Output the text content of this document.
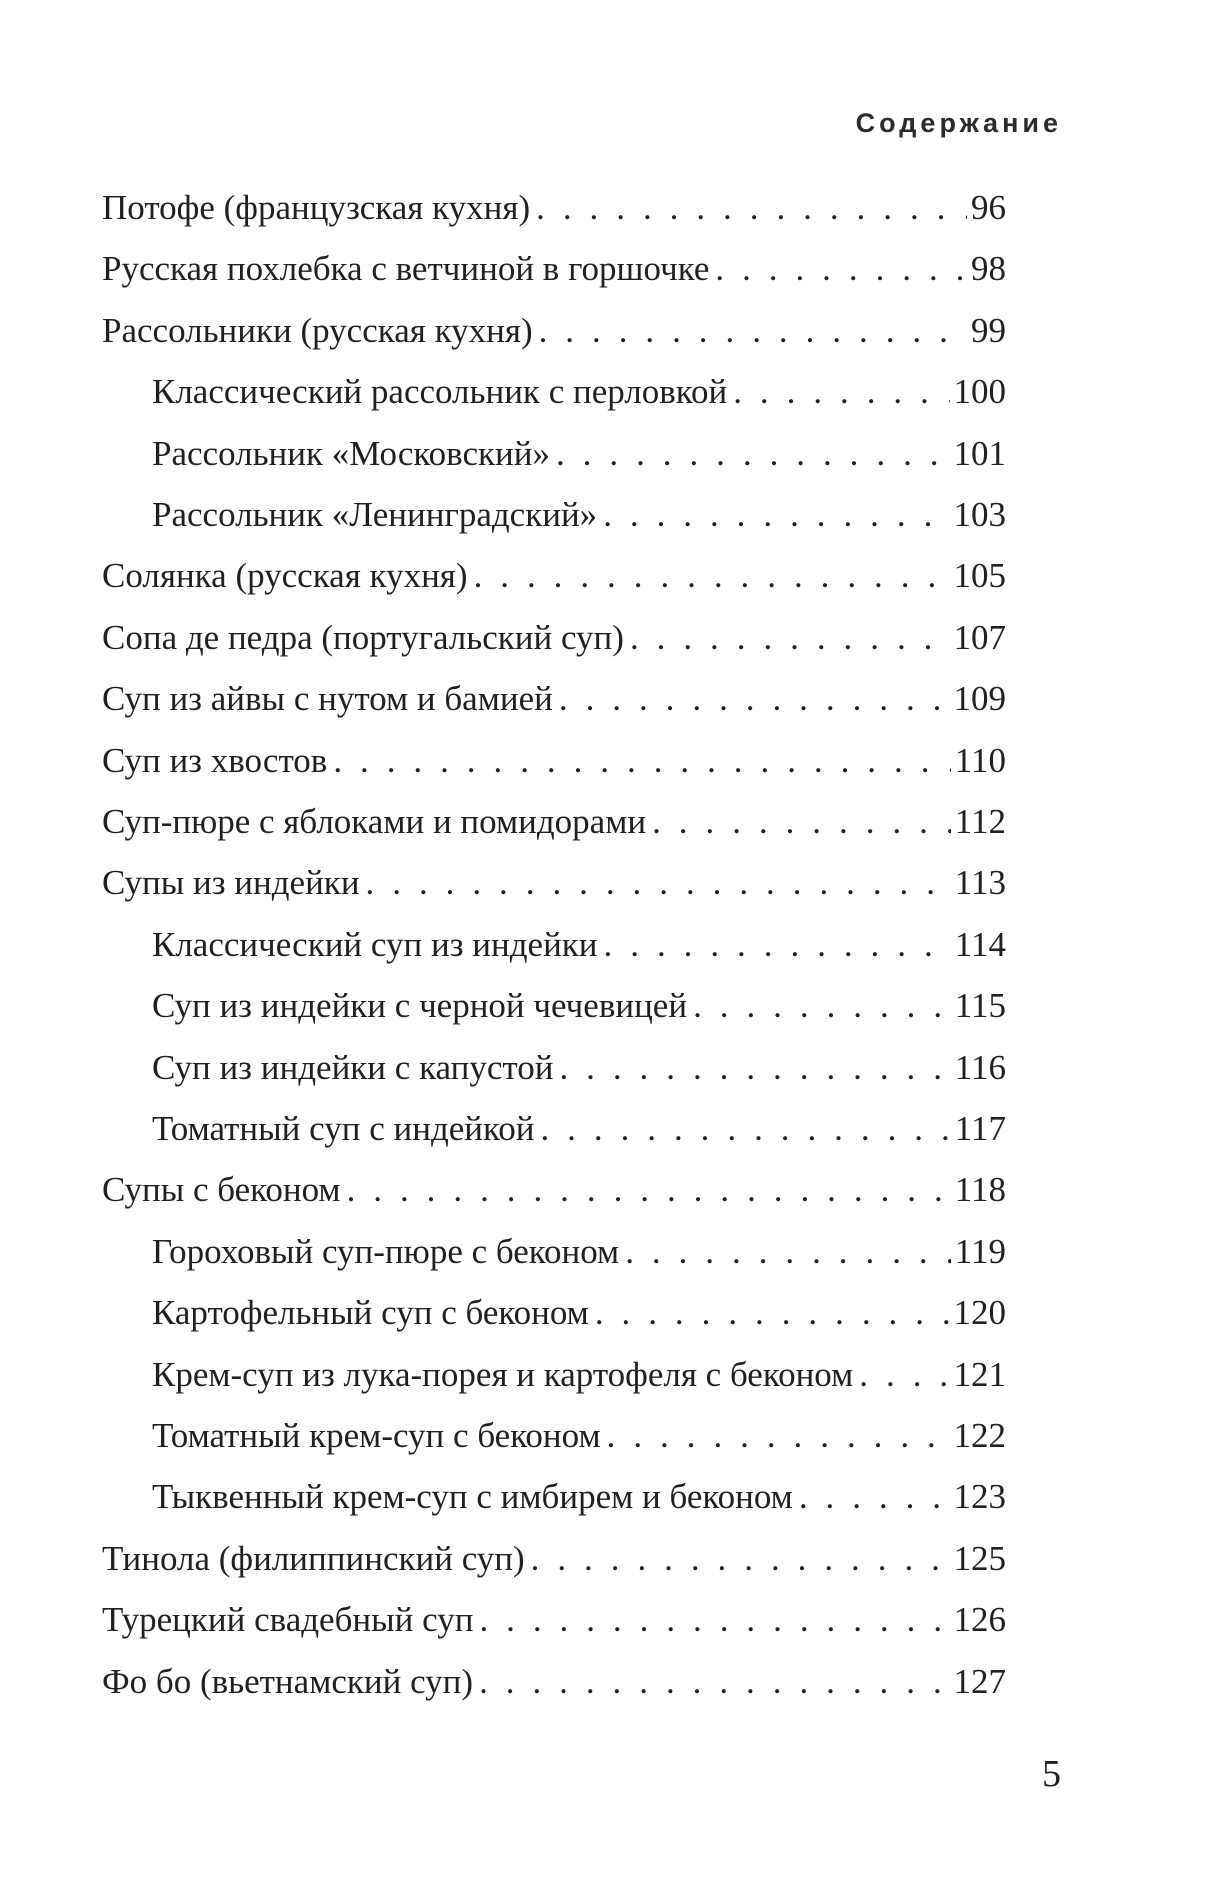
Содержание
Потофе (французская кухня) . . .	96
Русская похлебка с ветчиной в горшочке . . .	98
Рассольники (русская кухня) . . .	99
Классический рассольник с перловкой . . .	100
Рассольник «Московский» . . .	101
Рассольник «Ленинградский» . . .	103
Солянка (русская кухня) . . .	105
Сопа де педра (португальский суп) . . .	107
Суп из айвы с нутом и бамией . . .	109
Суп из хвостов . . .	110
Суп-пюре с яблоками и помидорами . . .	112
Супы из индейки . . .	113
Классический суп из индейки . . .	114
Суп из индейки с черной чечевицей . . .	115
Суп из индейки с капустой . . .	116
Томатный суп с индейкой . . .	117
Супы с беконом . . .	118
Гороховый суп-пюре с беконом . . .	119
Картофельный суп с беконом . . .	120
Крем-суп из лука-порея и картофеля с беконом . . .	121
Томатный крем-суп с беконом . . .	122
Тыквенный крем-суп с имбирем и беконом . . .	123
Тинола (филиппинский суп) . . .	125
Турецкий свадебный суп . . .	126
Фо бо (вьетнамский суп) . . .	127
5
